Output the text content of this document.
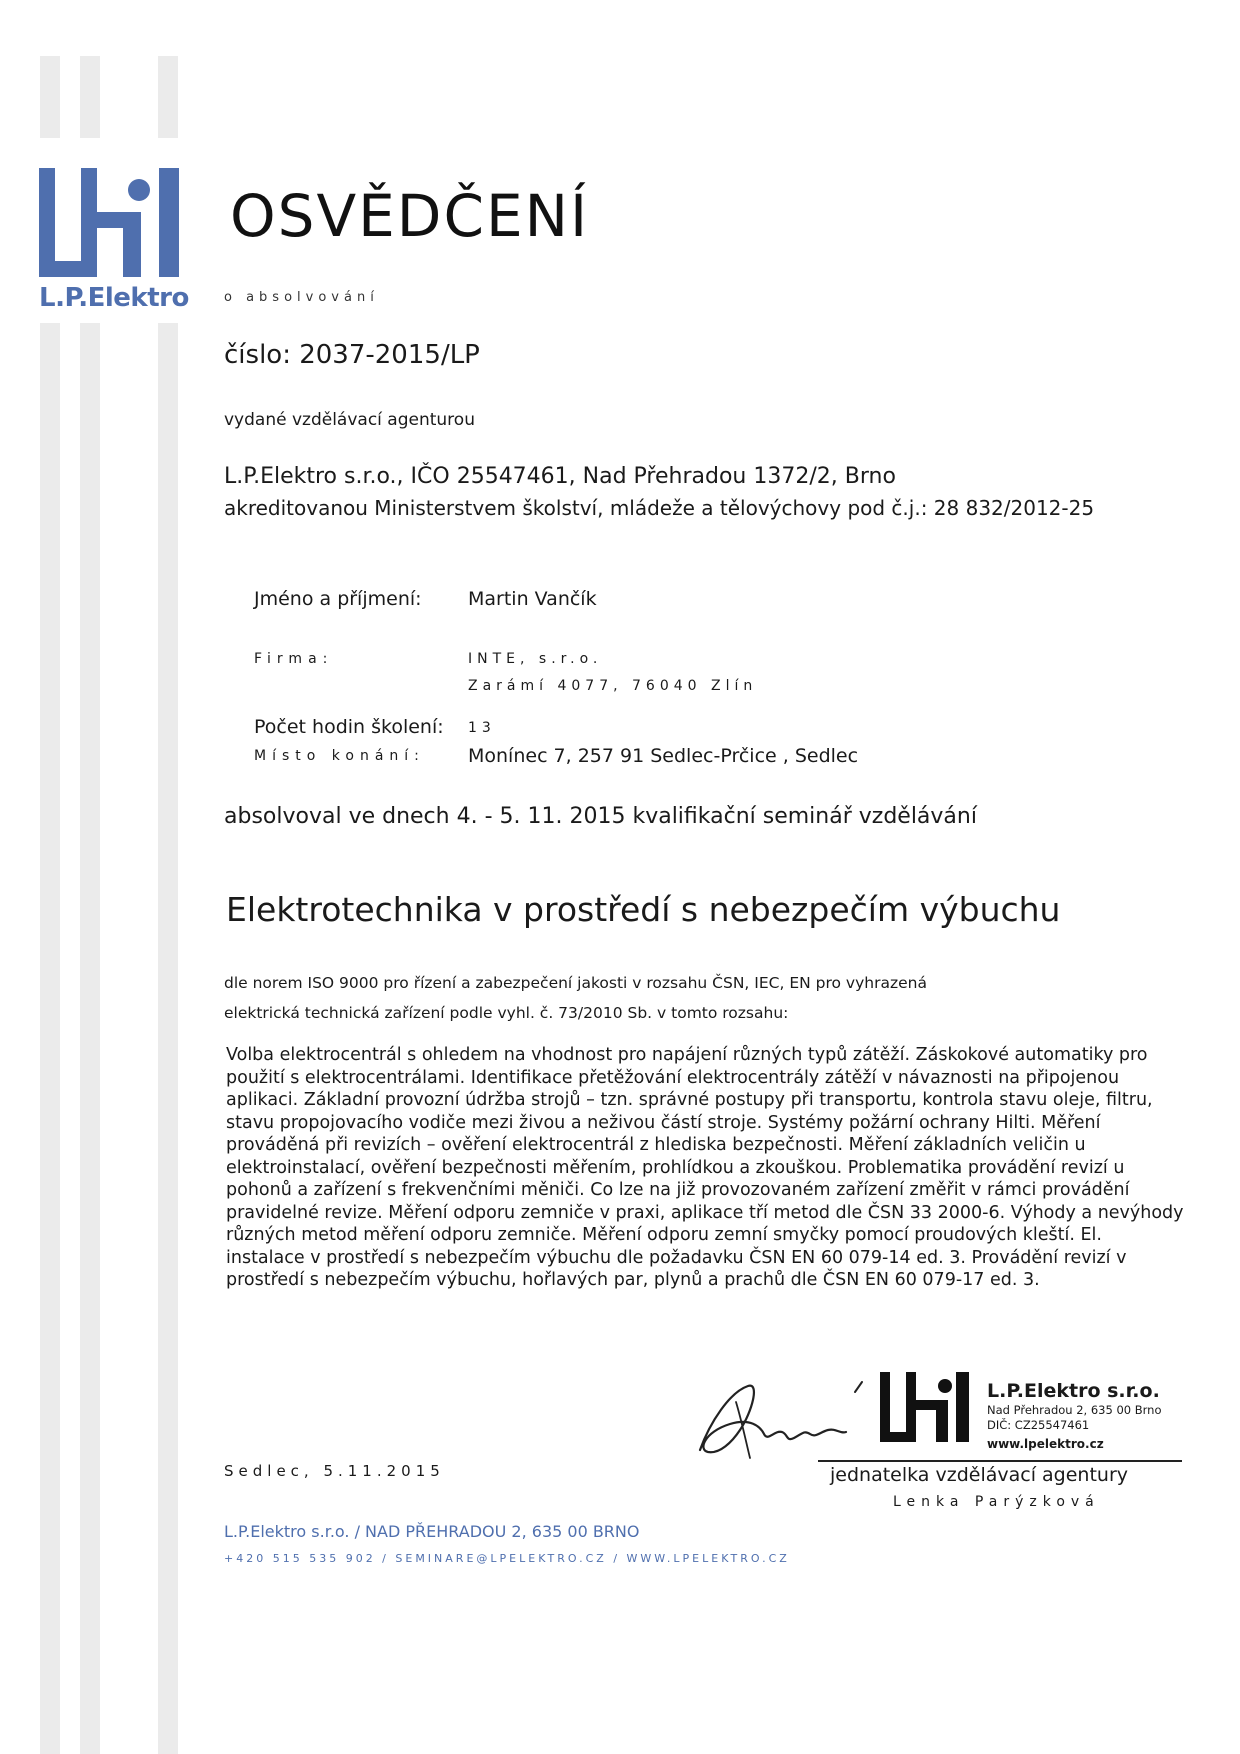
L.P.Elektro
OSVĚDČENÍ
o absolvování
číslo: 2037-2015/LP
vydané vzdělávací agenturou
L.P.Elektro s.r.o., IČO 25547461, Nad Přehradou 1372/2, Brno
akreditovanou Ministerstvem školství, mládeže a tělovýchovy pod č.j.: 28 832/2012-25
Jméno a příjmení: Martin Vančík
Firma:	INTE, s.r.o.
Zarámí 4077, 76040 Zlín
Počet hodin školení: 13
Místo konání: Monínec 7, 257 91 Sedlec-Prčice , Sedlec
absolvoval ve dnech 4. - 5. 11. 2015 kvalifikační seminář vzdělávání
Elektrotechnika v prostředí s nebezpečím výbuchu
dle norem ISO 9000 pro řízení a zabezpečení jakosti v rozsahu ČSN, IEC, EN pro vyhrazená
elektrická technická zařízení podle vyhl. č. 73/2010 Sb. v tomto rozsahu:
Volba elektrocentrál s ohledem na vhodnost pro napájení různých typů zátěží. Záskokové automatiky pro použití s elektrocentrálami. Identifikace přetěžování elektrocentrály zátěží v návaznosti na připojenou aplikaci. Základní provozní údržba strojů – tzn. správné postupy při transportu, kontrola stavu oleje, filtru, stavu propojovacího vodiče mezi živou a neživou částí stroje. Systémy požární ochrany Hilti. Měření prováděná při revizích – ověření elektrocentrál z hlediska bezpečnosti. Měření základních veličin u elektroinstalací, ověření bezpečnosti měřením, prohlídkou a zkouškou. Problematika provádění revizí u pohonů a zařízení s frekvenčními měniči. Co lze na již provozovaném zařízení změřit v rámci provádění pravidelné revize. Měření odporu zemniče v praxi, aplikace tří metod dle ČSN 33 2000-6. Výhody a nevýhody různých metod měření odporu zemniče. Měření odporu zemní smyčky pomocí proudových kleští. El. instalace v prostředí s nebezpečím výbuchu dle požadavku ČSN EN 60 079-14 ed. 3. Provádění revizí v prostředí s nebezpečím výbuchu, hořlavých par, plynů a prachů dle ČSN EN 60 079-17 ed. 3.
Sedlec, 5.11.2015
L.P.Elektro s.r.o.
Nad Přehradou 2, 635 00 Brno
DIČ: CZ25547461
www.lpelektro.cz
jednatelka vzdělávací agentury
Lenka Parýzková
L.P.Elektro s.r.o. / NAD PŘEHRADOU 2, 635 00 BRNO
+420 515 535 902 / SEMINARE@LPELEKTRO.CZ / WWW.LPELEKTRO.CZ
